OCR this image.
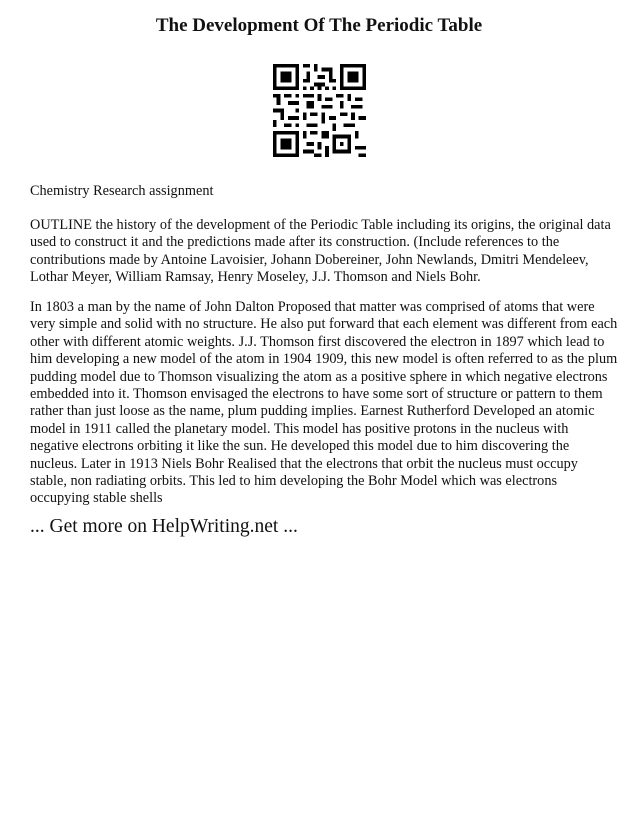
The Development Of The Periodic Table

Chemistry Research assignment

OUTLINE the history of the development of the Periodic Table including its origins, the original data
used to construct it and the predictions made after its construction. (Include references to the
contributions made by Antoine Lavoisier, Johann Dobereiner, John Newlands, Dmitri Mendeleev,
Lothar Meyer, William Ramsay, Henry Moseley, J.J. Thomson and Niels Bohr.

In 1803 a man by the name of John Dalton Proposed that matter was comprised of atoms that were
very simple and solid with no structure. He also put forward that each element was different from each
other with different atomic weights. J.J. Thomson first discovered the electron in 1897 which lead to
him developing a new model of the atom in 1904 1909, this new model is often referred to as the plum
pudding model due to Thomson visualizing the atom as a positive sphere in which negative electrons
embedded into it. Thomson envisaged the electrons to have some sort of structure or pattern to them
rather than just loose as the name, plum pudding implies. Earnest Rutherford Developed an atomic
model in 1911 called the planetary model. This model has positive protons in the nucleus with
negative electrons orbiting it like the sun. He developed this model due to him discovering the
nucleus. Later in 1913 Niels Bohr Realised that the electrons that orbit the nucleus must occupy
stable, non radiating orbits. This led to him developing the Bohr Model which was electrons
occupying stable shells

... Get more on HelpWriting.net ...
